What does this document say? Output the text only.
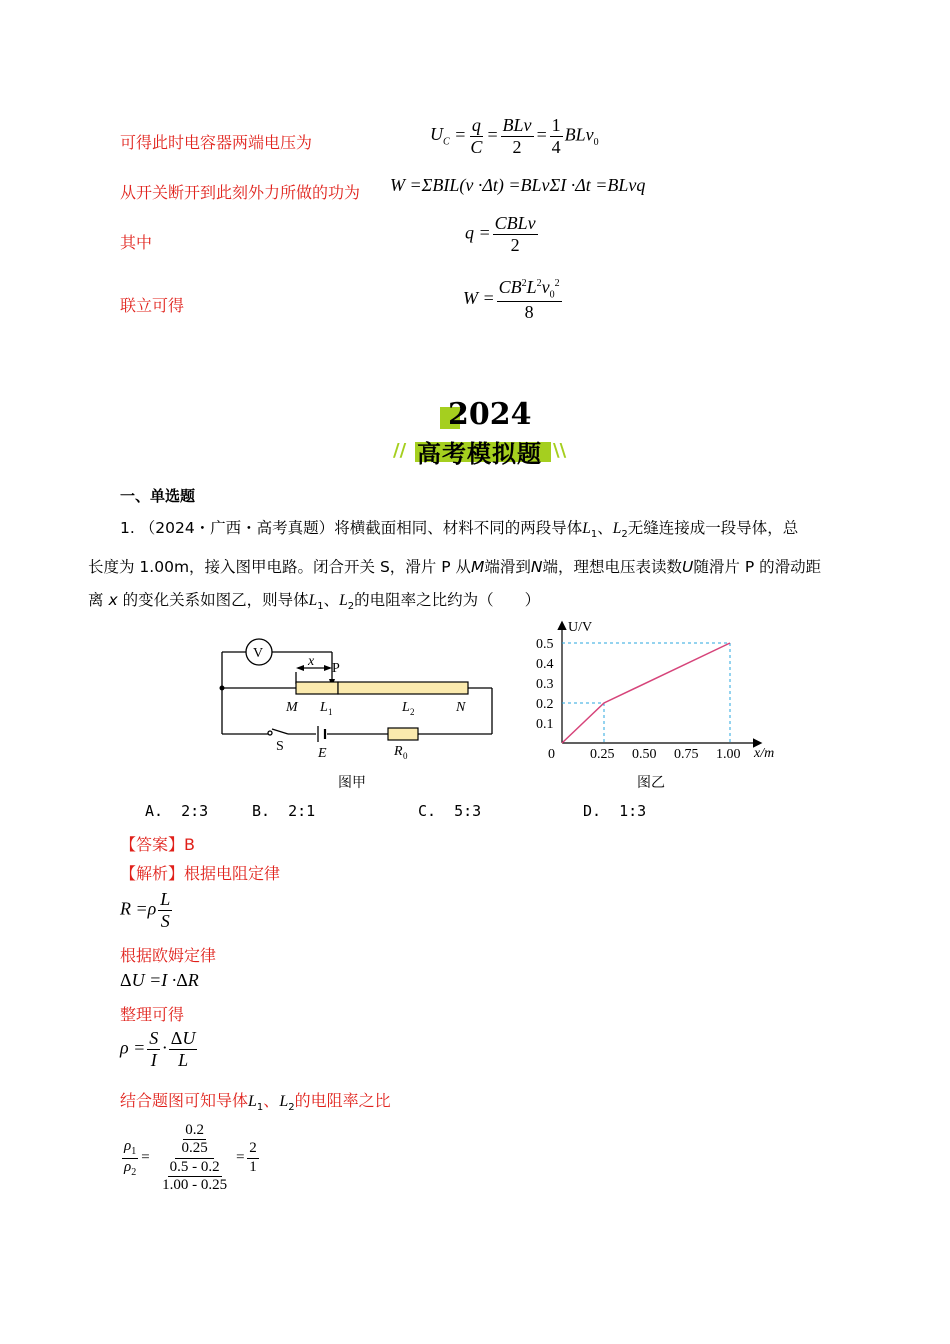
可得此时电容器两端电压为	$U_C = \frac{q}{C} = \frac{\text{BLv}}{2} = \frac{1}{4} BLv_0$
从开关断开到此刻外力所做的功为 W =ΣBIL(v ·Δt) =BLvΣI ·Δt =BLvq
其中
$q = \frac{\text{CBLv}}{2}$
联立可得	$W = \frac{CB^2L^2v_0^2}{8}$
2024
//	\\
高考模拟题
一、单选题
1. （2024・广西・高考真题）将横截面相同、材料不同的两段导体$L_1$、$L_2$无缝连接成一段导体，总
长度为 1.00m，接入图甲电路。闭合开关 S，滑片 P 从M端滑到N端，理想电压表读数U随滑片 P 的滑动距
离 x 的变化关系如图乙，则导体$L_1$、$L_2$的电阻率之比约为（　　）
V
x P
M L 1	L 2	N
S E	R 0
图甲
0.25 0.50 0.75 1.00
0.1
0.2
0.3
0.4
0.5
U/V
x/m
0
图乙
A. 2:3	B. 2:1	C. 5:3	D. 1:3
【答案】B
【解析】根据电阻定律
$R =\rho \frac{L}{S}$
根据欧姆定律
ΔU =I ·ΔR
整理可得
$\rho = \frac{S}{I} \cdot \frac{\Delta U}{L}$
结合题图可知导体$L_1$、$L_2$的电阻率之比
$\frac{\rho_1}{\rho_2} = \frac{\frac{0.2}{0.25}}{\frac{0.5 - 0.2}{1.00 - 0.25}} = \frac{2}{1}$
